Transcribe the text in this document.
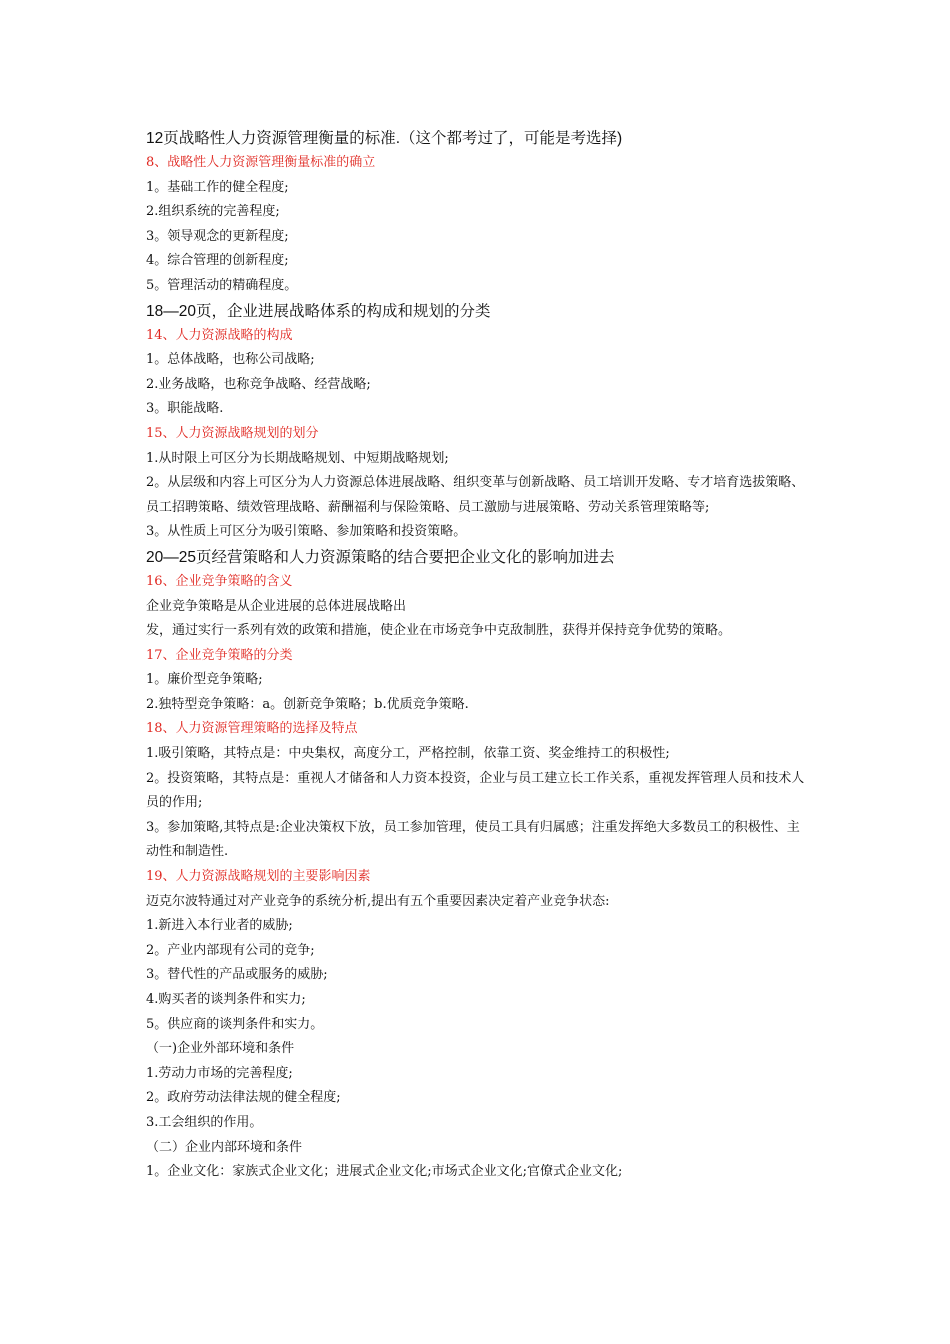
12页战略性人力资源管理衡量的标准.（这个都考过了，可能是考选择)
8、战略性人力资源管理衡量标准的确立
1。基础工作的健全程度;
2.组织系统的完善程度;
3。领导观念的更新程度;
4。综合管理的创新程度;
5。管理活动的精确程度。
18—20页，企业进展战略体系的构成和规划的分类
14、人力资源战略的构成
1。总体战略，也称公司战略;
2.业务战略，也称竞争战略、经营战略;
3。职能战略.
15、人力资源战略规划的划分
1.从时限上可区分为长期战略规划、中短期战略规划;
2。从层级和内容上可区分为人力资源总体进展战略、组织变革与创新战略、员工培训开发略、专才培育选拔策略、员工招聘策略、绩效管理战略、薪酬福利与保险策略、员工激励与进展策略、劳动关系管理策略等;
3。从性质上可区分为吸引策略、参加策略和投资策略。
20—25页经营策略和人力资源策略的结合要把企业文化的影响加进去
16、企业竞争策略的含义
企业竞争策略是从企业进展的总体进展战略出
发，通过实行一系列有效的政策和措施，使企业在市场竞争中克敌制胜，获得并保持竞争优势的策略。
17、企业竞争策略的分类
1。廉价型竞争策略;
2.独特型竞争策略：a。创新竞争策略；b.优质竞争策略.
18、人力资源管理策略的选择及特点
1.吸引策略，其特点是：中央集权，高度分工，严格控制，依靠工资、奖金维持工的积极性;
2。投资策略，其特点是：重视人才储备和人力资本投资，企业与员工建立长工作关系，重视发挥管理人员和技术人员的作用;
3。参加策略,其特点是:企业决策权下放，员工参加管理，使员工具有归属感；注重发挥绝大多数员工的积极性、主动性和制造性.
19、人力资源战略规划的主要影响因素
迈克尔波特通过对产业竞争的系统分析,提出有五个重要因素决定着产业竞争状态:
1.新进入本行业者的威胁;
2。产业内部现有公司的竞争;
3。替代性的产品或服务的威胁;
4.购买者的谈判条件和实力;
5。供应商的谈判条件和实力。
（一)企业外部环境和条件
1.劳动力市场的完善程度;
2。政府劳动法律法规的健全程度;
3.工会组织的作用。
（二）企业内部环境和条件
1。企业文化：家族式企业文化；进展式企业文化;市场式企业文化;官僚式企业文化;
